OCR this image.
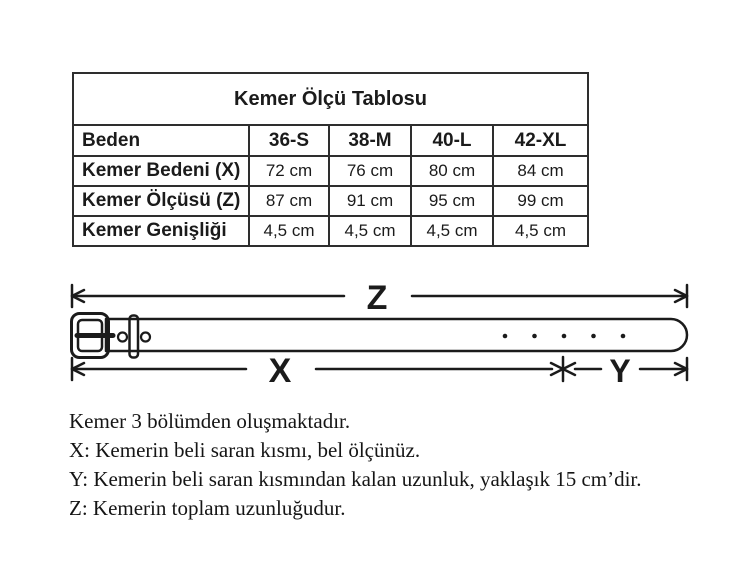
Kemer Ölçü Tablosu				
Beden	36-S	38-M	40-L	42-XL
Kemer Bedeni (X)	72 cm	76 cm	80 cm	84 cm
Kemer Ölçüsü (Z)	87 cm	91 cm	95 cm	99 cm
Kemer Genişliği	4,5 cm	4,5 cm	4,5 cm	4,5 cm
Z
X	Y
Kemer 3 bölümden oluşmaktadır.
X: Kemerin beli saran kısmı, bel ölçünüz.
Y: Kemerin beli saran kısmından kalan uzunluk, yaklaşık 15 cm’dir.
Z: Kemerin toplam uzunluğudur.
